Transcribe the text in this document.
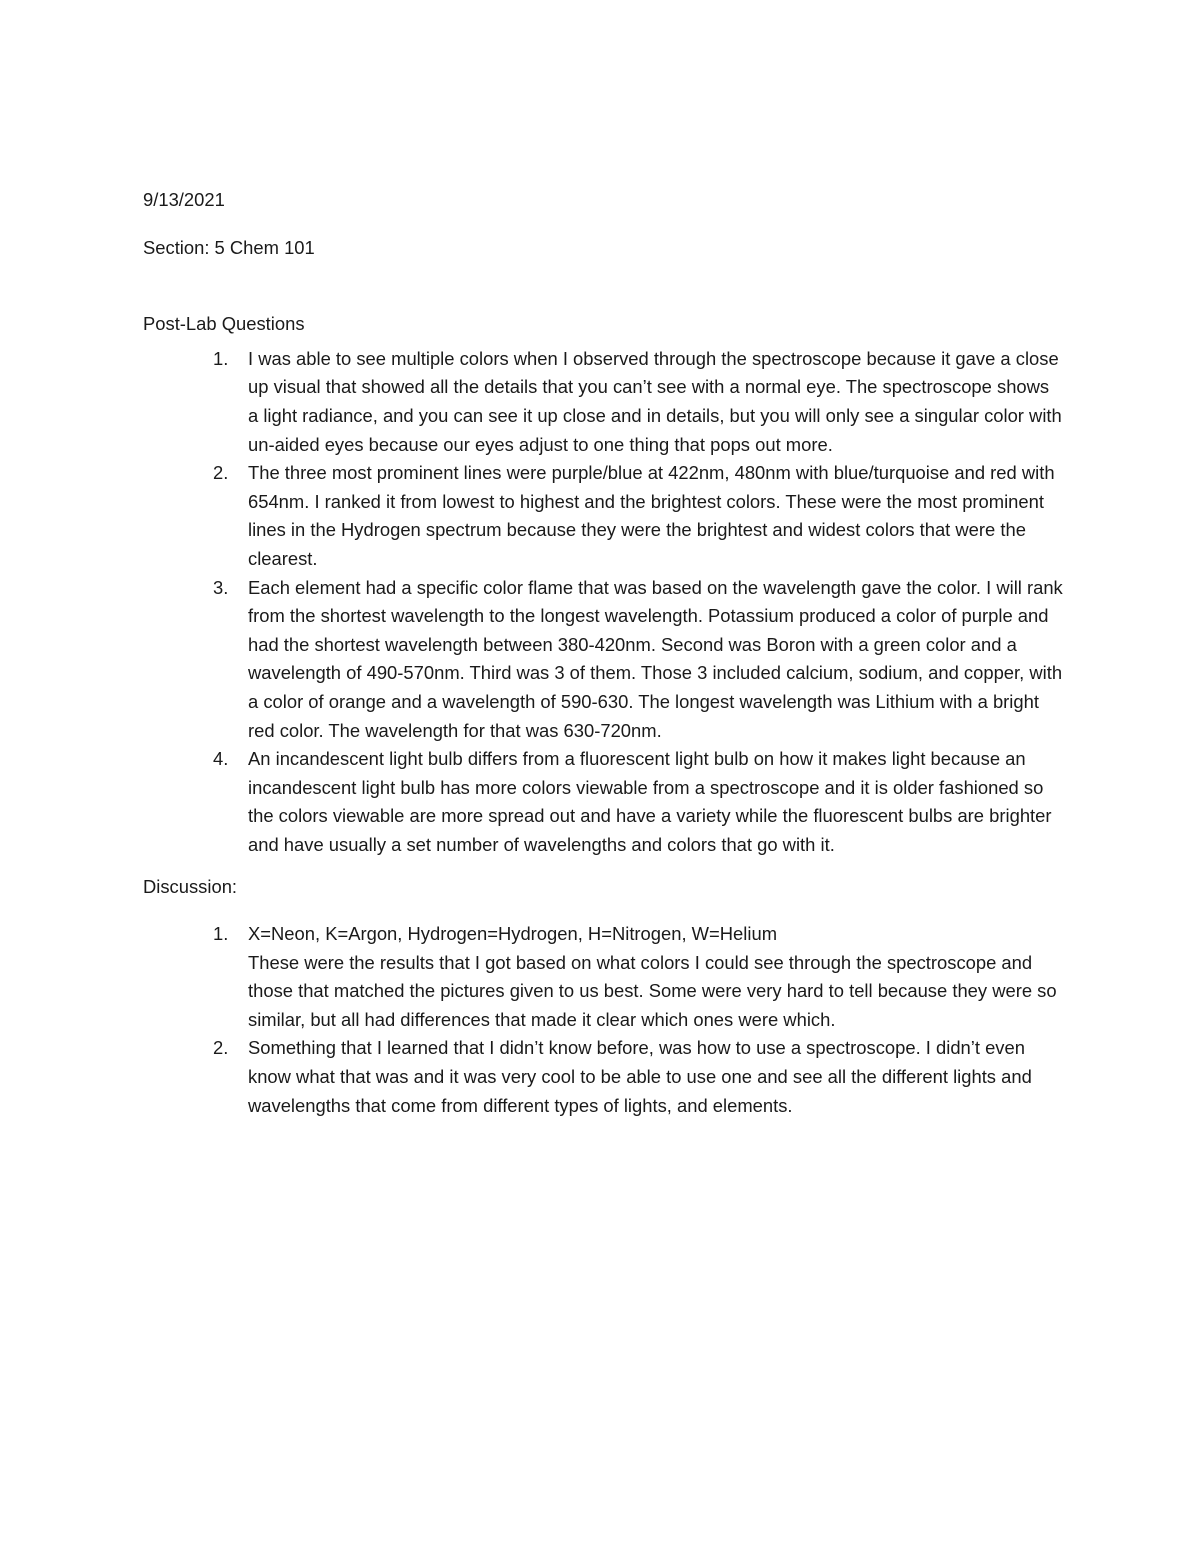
9/13/2021

Section: 5 Chem 101

Post-Lab Questions

1.	I was able to see multiple colors when I observed through the spectroscope because it gave a close up visual that showed all the details that you can’t see with a normal eye. The spectroscope shows a light radiance, and you can see it up close and in details, but you will only see a singular color with un-aided eyes because our eyes adjust to one thing that pops out more.
2.	The three most prominent lines were purple/blue at 422nm, 480nm with blue/turquoise and red with 654nm. I ranked it from lowest to highest and the brightest colors. These were the most prominent lines in the Hydrogen spectrum because they were the brightest and widest colors that were the clearest.
3.	Each element had a specific color flame that was based on the wavelength gave the color. I will rank from the shortest wavelength to the longest wavelength. Potassium produced a color of purple and had the shortest wavelength between 380-420nm. Second was Boron with a green color and a wavelength of 490-570nm. Third was 3 of them. Those 3 included calcium, sodium, and copper, with a color of orange and a wavelength of 590-630. The longest wavelength was Lithium with a bright red color. The wavelength for that was 630-720nm.
4.	An incandescent light bulb differs from a fluorescent light bulb on how it makes light because an incandescent light bulb has more colors viewable from a spectroscope and it is older fashioned so the colors viewable are more spread out and have a variety while the fluorescent bulbs are brighter and have usually a set number of wavelengths and colors that go with it.

Discussion:

1.	X=Neon, K=Argon, Hydrogen=Hydrogen, H=Nitrogen, W=Helium
These were the results that I got based on what colors I could see through the spectroscope and those that matched the pictures given to us best. Some were very hard to tell because they were so similar, but all had differences that made it clear which ones were which.
2.	Something that I learned that I didn’t know before, was how to use a spectroscope. I didn’t even know what that was and it was very cool to be able to use one and see all the different lights and wavelengths that come from different types of lights, and elements.
